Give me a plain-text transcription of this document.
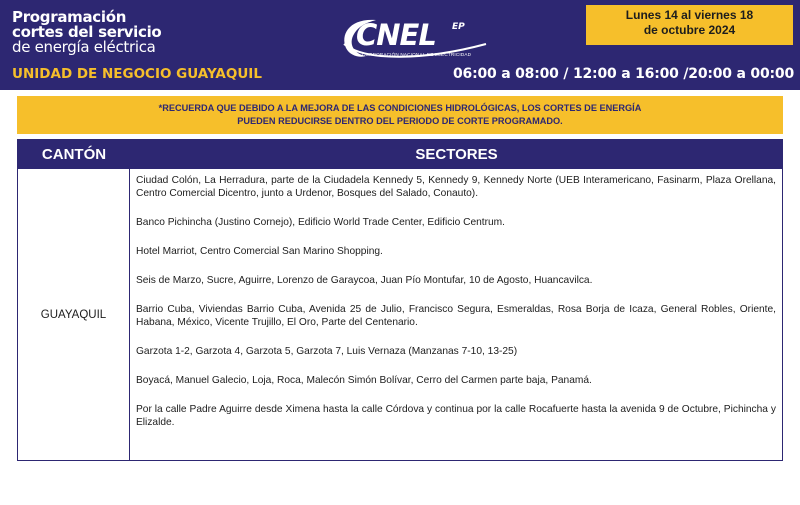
Programación
cortes del servicio
de energía eléctrica
UNIDAD DE NEGOCIO GUAYAQUIL
CNEL EP
CORPORACIÓN NACIONAL DE ELECTRICIDAD
Lunes 14 al viernes 18
de octubre 2024
06:00 a 08:00 / 12:00 a 16:00 /20:00 a 00:00
*RECUERDA QUE DEBIDO A LA MEJORA DE LAS CONDICIONES HIDROLÓGICAS, LOS CORTES DE ENERGÍA
PUEDEN REDUCIRSE DENTRO DEL PERIODO DE CORTE PROGRAMADO.
CANTÓN	SECTORES
GUAYAQUIL
Ciudad Colón, La Herradura, parte de la Ciudadela Kennedy 5, Kennedy 9, Kennedy Norte (UEB Interamericano, Fasinarm, Plaza Orellana, Centro Comercial Dicentro, junto a Urdenor, Bosques del Salado, Conauto).
Banco Pichincha (Justino Cornejo), Edificio World Trade Center, Edificio Centrum.
Hotel Marriot, Centro Comercial San Marino Shopping.
Seis de Marzo, Sucre, Aguirre, Lorenzo de Garaycoa, Juan Pío Montufar, 10 de Agosto, Huancavilca.
Barrio Cuba, Viviendas Barrio Cuba, Avenida 25 de Julio, Francisco Segura, Esmeraldas, Rosa Borja de Icaza, General Robles, Oriente, Habana, México, Vicente Trujillo, El Oro, Parte del Centenario.
Garzota 1-2, Garzota 4, Garzota 5, Garzota 7, Luis Vernaza (Manzanas 7-10, 13-25)
Boyacá, Manuel Galecio, Loja, Roca, Malecón Simón Bolívar, Cerro del Carmen parte baja, Panamá.
Por la calle Padre Aguirre desde Ximena hasta la calle Córdova y continua por la calle Rocafuerte hasta la avenida 9 de Octubre, Pichincha y Elizalde.
